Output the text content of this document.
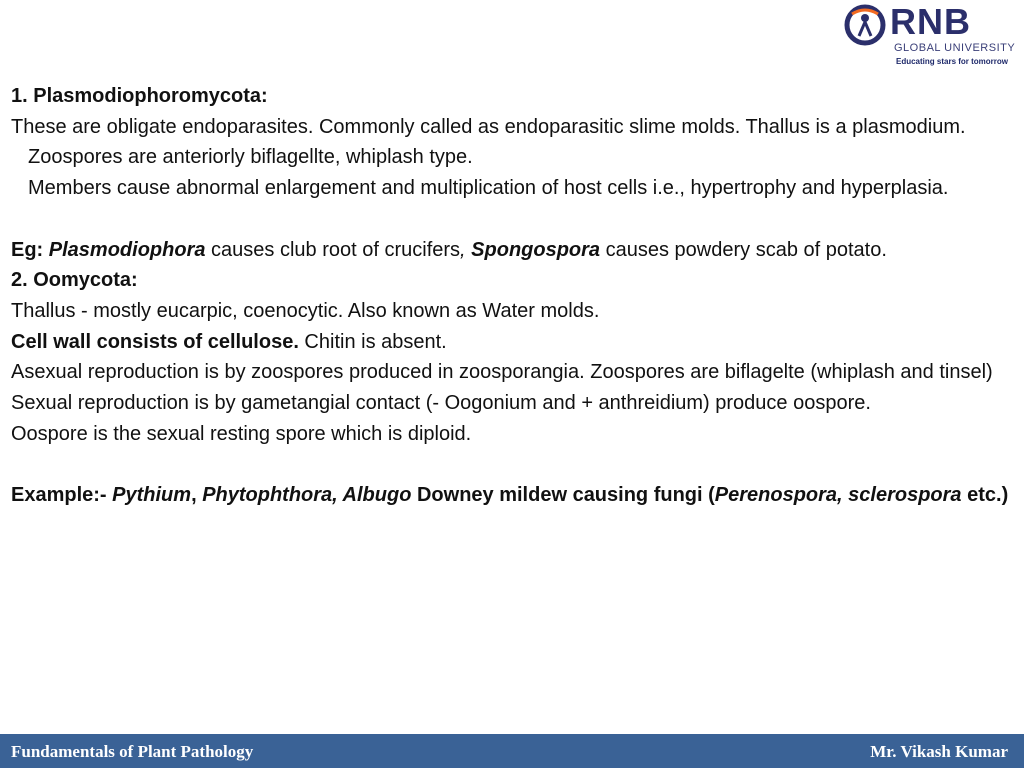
RNB
GLOBAL UNIVERSITY
Educating stars for tomorrow

1. Plasmodiophoromycota:

These are obligate endoparasites. Commonly called as endoparasitic slime molds. Thallus is a plasmodium.

Zoospores are anteriorly biflagellte, whiplash type.

Members cause abnormal enlargement and multiplication of host cells i.e., hypertrophy and hyperplasia.

Eg: Plasmodiophora causes club root of crucifers, Spongospora causes powdery scab of potato.

2. Oomycota:

Thallus - mostly eucarpic, coenocytic. Also known as Water molds.

Cell wall consists of cellulose. Chitin is absent.

Asexual reproduction is by zoospores produced in zoosporangia. Zoospores are biflagelte (whiplash and tinsel)

Sexual reproduction is by gametangial contact (- Oogonium and + anthreidium) produce oospore.

Oospore is the sexual resting spore which is diploid.

Example:- Pythium, Phytophthora, Albugo Downey mildew causing fungi (Perenospora, sclerospora etc.)

Fundamentals of Plant Pathology	Mr. Vikash Kumar
